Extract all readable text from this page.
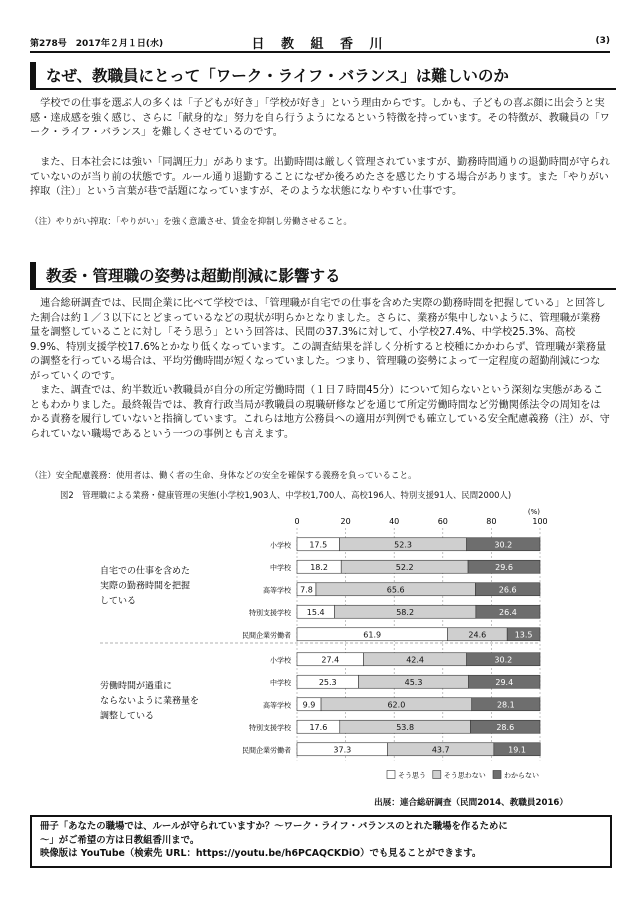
第278号　2017年２月１日(水)	日 教 組 香 川	(3)
なぜ、教職員にとって「ワーク・ライフ・バランス」は難しいのか

　学校での仕事を選ぶ人の多くは「子どもが好き」「学校が好き」という理由からです。しかも、子どもの喜ぶ顔に出会うと実感・達成感を強く感じ、さらに「献身的な」努力を自ら行うようになるという特徴を持っています。その特徴が、教職員の「ワーク・ライフ・バランス」を難しくさせているのです。

　また、日本社会には強い「同調圧力」があります。出勤時間は厳しく管理されていますが、勤務時間通りの退勤時間が守られていないのが当り前の状態です。ルール通り退勤することになぜか後ろめたさを感じたりする場合があります。また「やりがい搾取（注）」という言葉が巷で話題になっていますが、そのような状態になりやすい仕事です。

（注）やりがい搾取：「やりがい」を強く意識させ、賃金を抑制し労働させること。

教委・管理職の姿勢は超勤削減に影響する

　連合総研調査では、民間企業に比べて学校では、「管理職が自宅での仕事を含めた実際の勤務時間を把握している」と回答した割合は約１／３以下にとどまっているなどの現状が明らかとなりました。さらに、業務が集中しないように、管理職が業務量を調整していることに対し「そう思う」という回答は、民間の37.3%に対して、小学校27.4%、中学校25.3%、高校9.9%、特別支援学校17.6%とかなり低くなっています。この調査結果を詳しく分析すると校種にかかわらず、管理職が業務量の調整を行っている場合は、平均労働時間が短くなっていました。つまり、管理職の姿勢によって一定程度の超勤削減につながっていくのです。

　また、調査では、約半数近い教職員が自分の所定労働時間（１日７時間45分）について知らないという深刻な実態があることもわかりました。最終報告では、教育行政当局が教職員の現職研修などを通じて所定労働時間など労働関係法令の周知をはかる責務を履行していないと指摘しています。これらは地方公務員への適用が判例でも確立している安全配慮義務（注）が、守られていない職場であるという一つの事例とも言えます。

（注）安全配慮義務：使用者は、働く者の生命、身体などの安全を確保する義務を負っていること。

図2　管理職による業務・健康管理の実態(小学校1,903人、中学校1,700人、高校196人、特別支援91人、民間2000人)
(%)
0	20	40	60	80	100
自宅での仕事を含めた
実際の勤務時間を把握
している
小学校 17.5	52.3	30.2
中学校 18.2	52.2	29.6
高等学校 7.8	65.6	26.6
特別支援学校 15.4	58.2	26.4
民間企業労働者	61.9	24.6	13.5
労働時間が過重に
ならないように業務量を
調整している
小学校	27.4	42.4	30.2
中学校	25.3	45.3	29.4
高等学校 9.9	62.0	28.1
特別支援学校 17.6	53.8	28.6
民間企業労働者	37.3	43.7	19.1
わからない
そう思わない
そう思う
出展：連合総研調査（民間2014、教職員2016）

冊子「あなたの職場では、ルールが守られていますか？〜ワーク・ライフ・バランスのとれた職場を作るために

〜」がご希望の方は日教組香川まで。

映像版は YouTube（検索先 URL：https://youtu.be/h6PCAQCKDiO）でも見ることができます。
